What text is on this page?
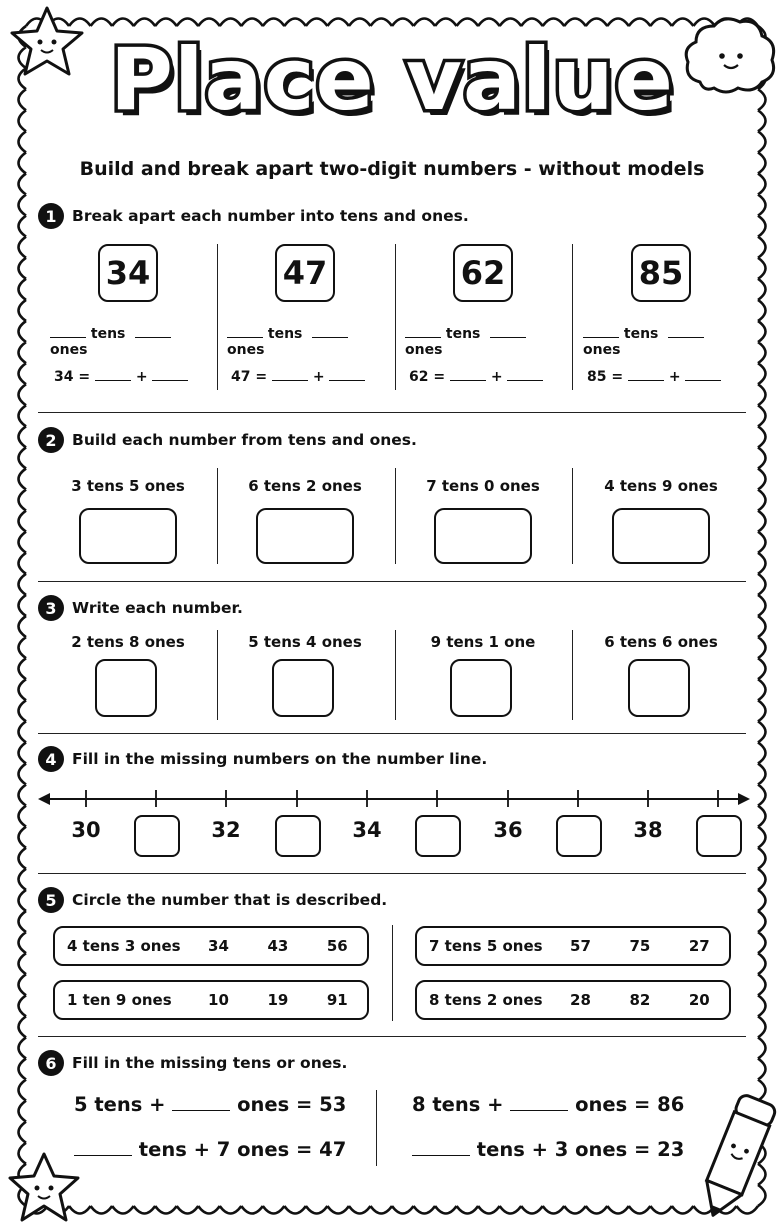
Place value
Build and break apart two-digit numbers - without models
1 Break apart each number into tens and ones.
34
tens   ones
34 =	+
47
tens   ones
47 =	+
62
tens   ones
62 =	+
85
tens   ones
85 =	+
2 Build each number from tens and ones.
3 tens 5 ones	6 tens 2 ones	7 tens 0 ones	4 tens 9 ones
3 Write each number.
2 tens 8 ones	5 tens 4 ones	9 tens 1 one	6 tens 6 ones
4 Fill in the missing numbers on the number line.
30	32	34	36	38
5 Circle the number that is described.
4 tens 3 ones	34	43	56	7 tens 5 ones	57	75	27
1 ten 9 ones	10	19	91	8 tens 2 ones	28	82	20
6 Fill in the missing tens or ones.
5 tens +	ones = 53
tens + 7 ones = 47
8 tens +	ones = 86
tens + 3 ones = 23
